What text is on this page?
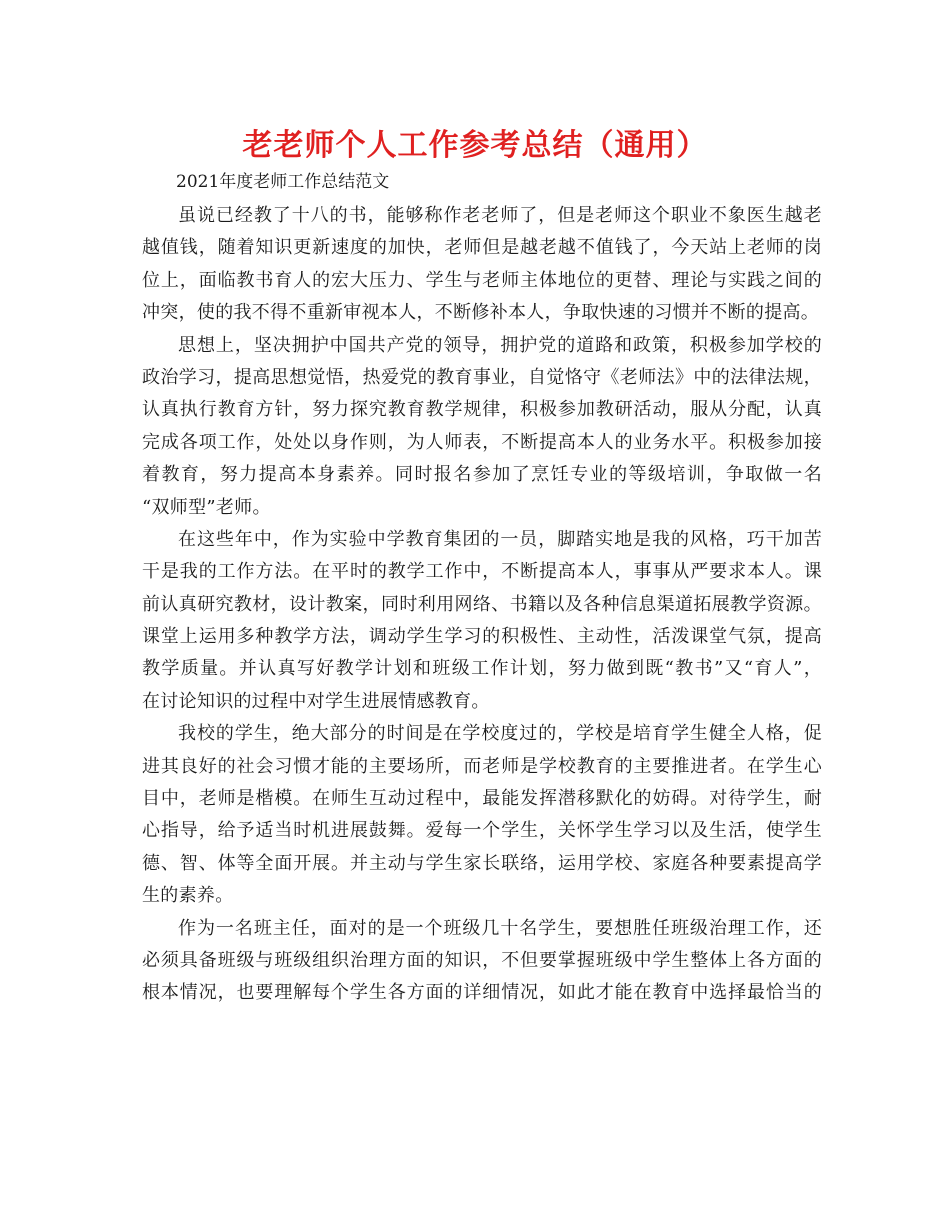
老老师个人工作参考总结（通用）
2021年度老师工作总结范文
虽说已经教了十八的书，能够称作老老师了，但是老师这个职业不象医生越老
越值钱，随着知识更新速度的加快，老师但是越老越不值钱了，今天站上老师的岗
位上，面临教书育人的宏大压力、学生与老师主体地位的更替、理论与实践之间的
冲突，使的我不得不重新审视本人，不断修补本人，争取快速的习惯并不断的提高。
思想上，坚决拥护中国共产党的领导，拥护党的道路和政策，积极参加学校的
政治学习，提高思想觉悟，热爱党的教育事业，自觉恪守《老师法》中的法律法规，
认真执行教育方针，努力探究教育教学规律，积极参加教研活动，服从分配，认真
完成各项工作，处处以身作则，为人师表，不断提高本人的业务水平。积极参加接
着教育，努力提高本身素养。同时报名参加了烹饪专业的等级培训，争取做一名
“双师型”老师。
在这些年中，作为实验中学教育集团的一员，脚踏实地是我的风格，巧干加苦
干是我的工作方法。在平时的教学工作中，不断提高本人，事事从严要求本人。课
前认真研究教材，设计教案，同时利用网络、书籍以及各种信息渠道拓展教学资源。
课堂上运用多种教学方法，调动学生学习的积极性、主动性，活泼课堂气氛，提高
教学质量。并认真写好教学计划和班级工作计划，努力做到既“教书”又“育人”，
在讨论知识的过程中对学生进展情感教育。
我校的学生，绝大部分的时间是在学校度过的，学校是培育学生健全人格，促
进其良好的社会习惯才能的主要场所，而老师是学校教育的主要推进者。在学生心
目中，老师是楷模。在师生互动过程中，最能发挥潜移默化的妨碍。对待学生，耐
心指导，给予适当时机进展鼓舞。爱每一个学生，关怀学生学习以及生活，使学生
德、智、体等全面开展。并主动与学生家长联络，运用学校、家庭各种要素提高学
生的素养。
作为一名班主任，面对的是一个班级几十名学生，要想胜任班级治理工作，还
必须具备班级与班级组织治理方面的知识，不但要掌握班级中学生整体上各方面的
根本情况，也要理解每个学生各方面的详细情况，如此才能在教育中选择最恰当的
